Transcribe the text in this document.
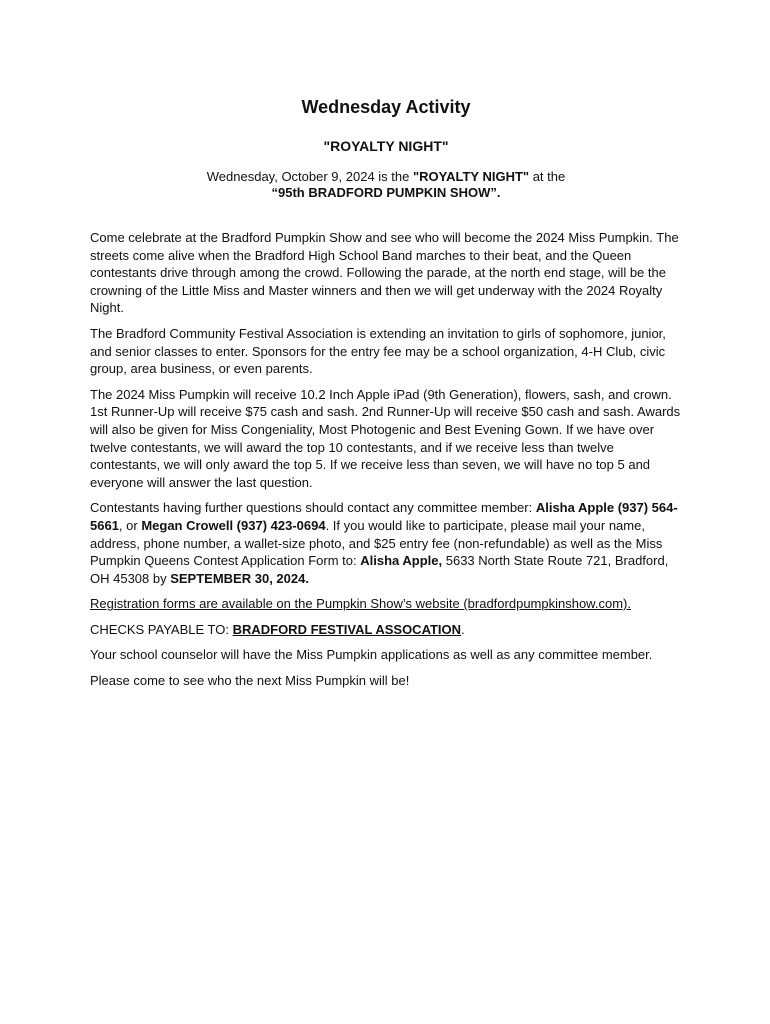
Wednesday Activity
"ROYALTY NIGHT"
Wednesday, October 9, 2024 is the "ROYALTY NIGHT" at the
“95th BRADFORD PUMPKIN SHOW”.

Come celebrate at the Bradford Pumpkin Show and see who will become the 2024 Miss Pumpkin. The streets come alive when the Bradford High School Band marches to their beat, and the Queen contestants drive through among the crowd. Following the parade, at the north end stage, will be the crowning of the Little Miss and Master winners and then we will get underway with the 2024 Royalty Night.

The Bradford Community Festival Association is extending an invitation to girls of sophomore, junior, and senior classes to enter. Sponsors for the entry fee may be a school organization, 4-H Club, civic group, area business, or even parents.

The 2024 Miss Pumpkin will receive 10.2 Inch Apple iPad (9th Generation), flowers, sash, and crown. 1st Runner-Up will receive $75 cash and sash. 2nd Runner-Up will receive $50 cash and sash. Awards will also be given for Miss Congeniality, Most Photogenic and Best Evening Gown. If we have over twelve contestants, we will award the top 10 contestants, and if we receive less than twelve contestants, we will only award the top 5. If we receive less than seven, we will have no top 5 and everyone will answer the last question.

Contestants having further questions should contact any committee member: Alisha Apple (937) 564-5661, or Megan Crowell (937) 423-0694. If you would like to participate, please mail your name, address, phone number, a wallet-size photo, and $25 entry fee (non-refundable) as well as the Miss Pumpkin Queens Contest Application Form to: Alisha Apple, 5633 North State Route 721, Bradford, OH 45308 by SEPTEMBER 30, 2024.

Registration forms are available on the Pumpkin Show’s website (bradfordpumpkinshow.com).

CHECKS PAYABLE TO: BRADFORD FESTIVAL ASSOCATION.

Your school counselor will have the Miss Pumpkin applications as well as any committee member.

Please come to see who the next Miss Pumpkin will be!
